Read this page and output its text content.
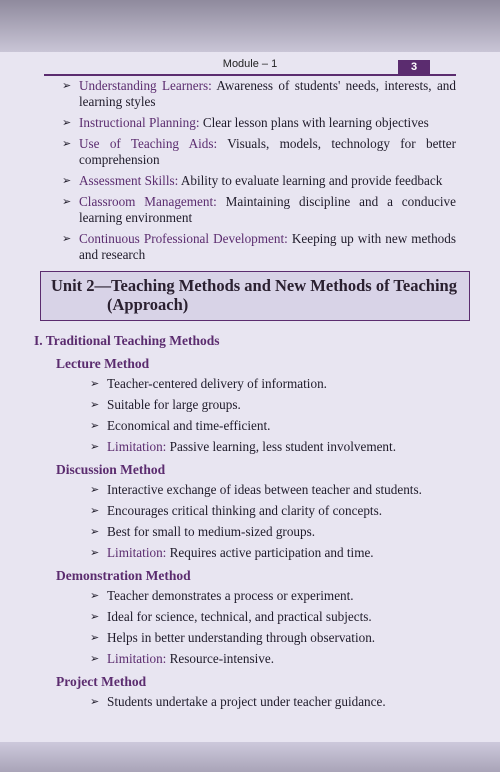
Module – 1	3
➢ Understanding Learners: Awareness of students' needs, interests, and learning styles
➢ Instructional Planning: Clear lesson plans with learning objectives
➢ Use of Teaching Aids: Visuals, models, technology for better comprehension
➢ Assessment Skills: Ability to evaluate learning and provide feedback
➢ Classroom Management: Maintaining discipline and a conducive learning environment
➢ Continuous Professional Development: Keeping up with new methods and research
Unit 2—Teaching Methods and New Methods of Teaching
(Approach)
I. Traditional Teaching Methods
Lecture Method
➢ Teacher-centered delivery of information.
➢ Suitable for large groups.
➢ Economical and time-efficient.
➢ Limitation: Passive learning, less student involvement.
Discussion Method
➢ Interactive exchange of ideas between teacher and students.
➢ Encourages critical thinking and clarity of concepts.
➢ Best for small to medium-sized groups.
➢ Limitation: Requires active participation and time.
Demonstration Method
➢ Teacher demonstrates a process or experiment.
➢ Ideal for science, technical, and practical subjects.
➢ Helps in better understanding through observation.
➢ Limitation: Resource-intensive.
Project Method
➢ Students undertake a project under teacher guidance.
